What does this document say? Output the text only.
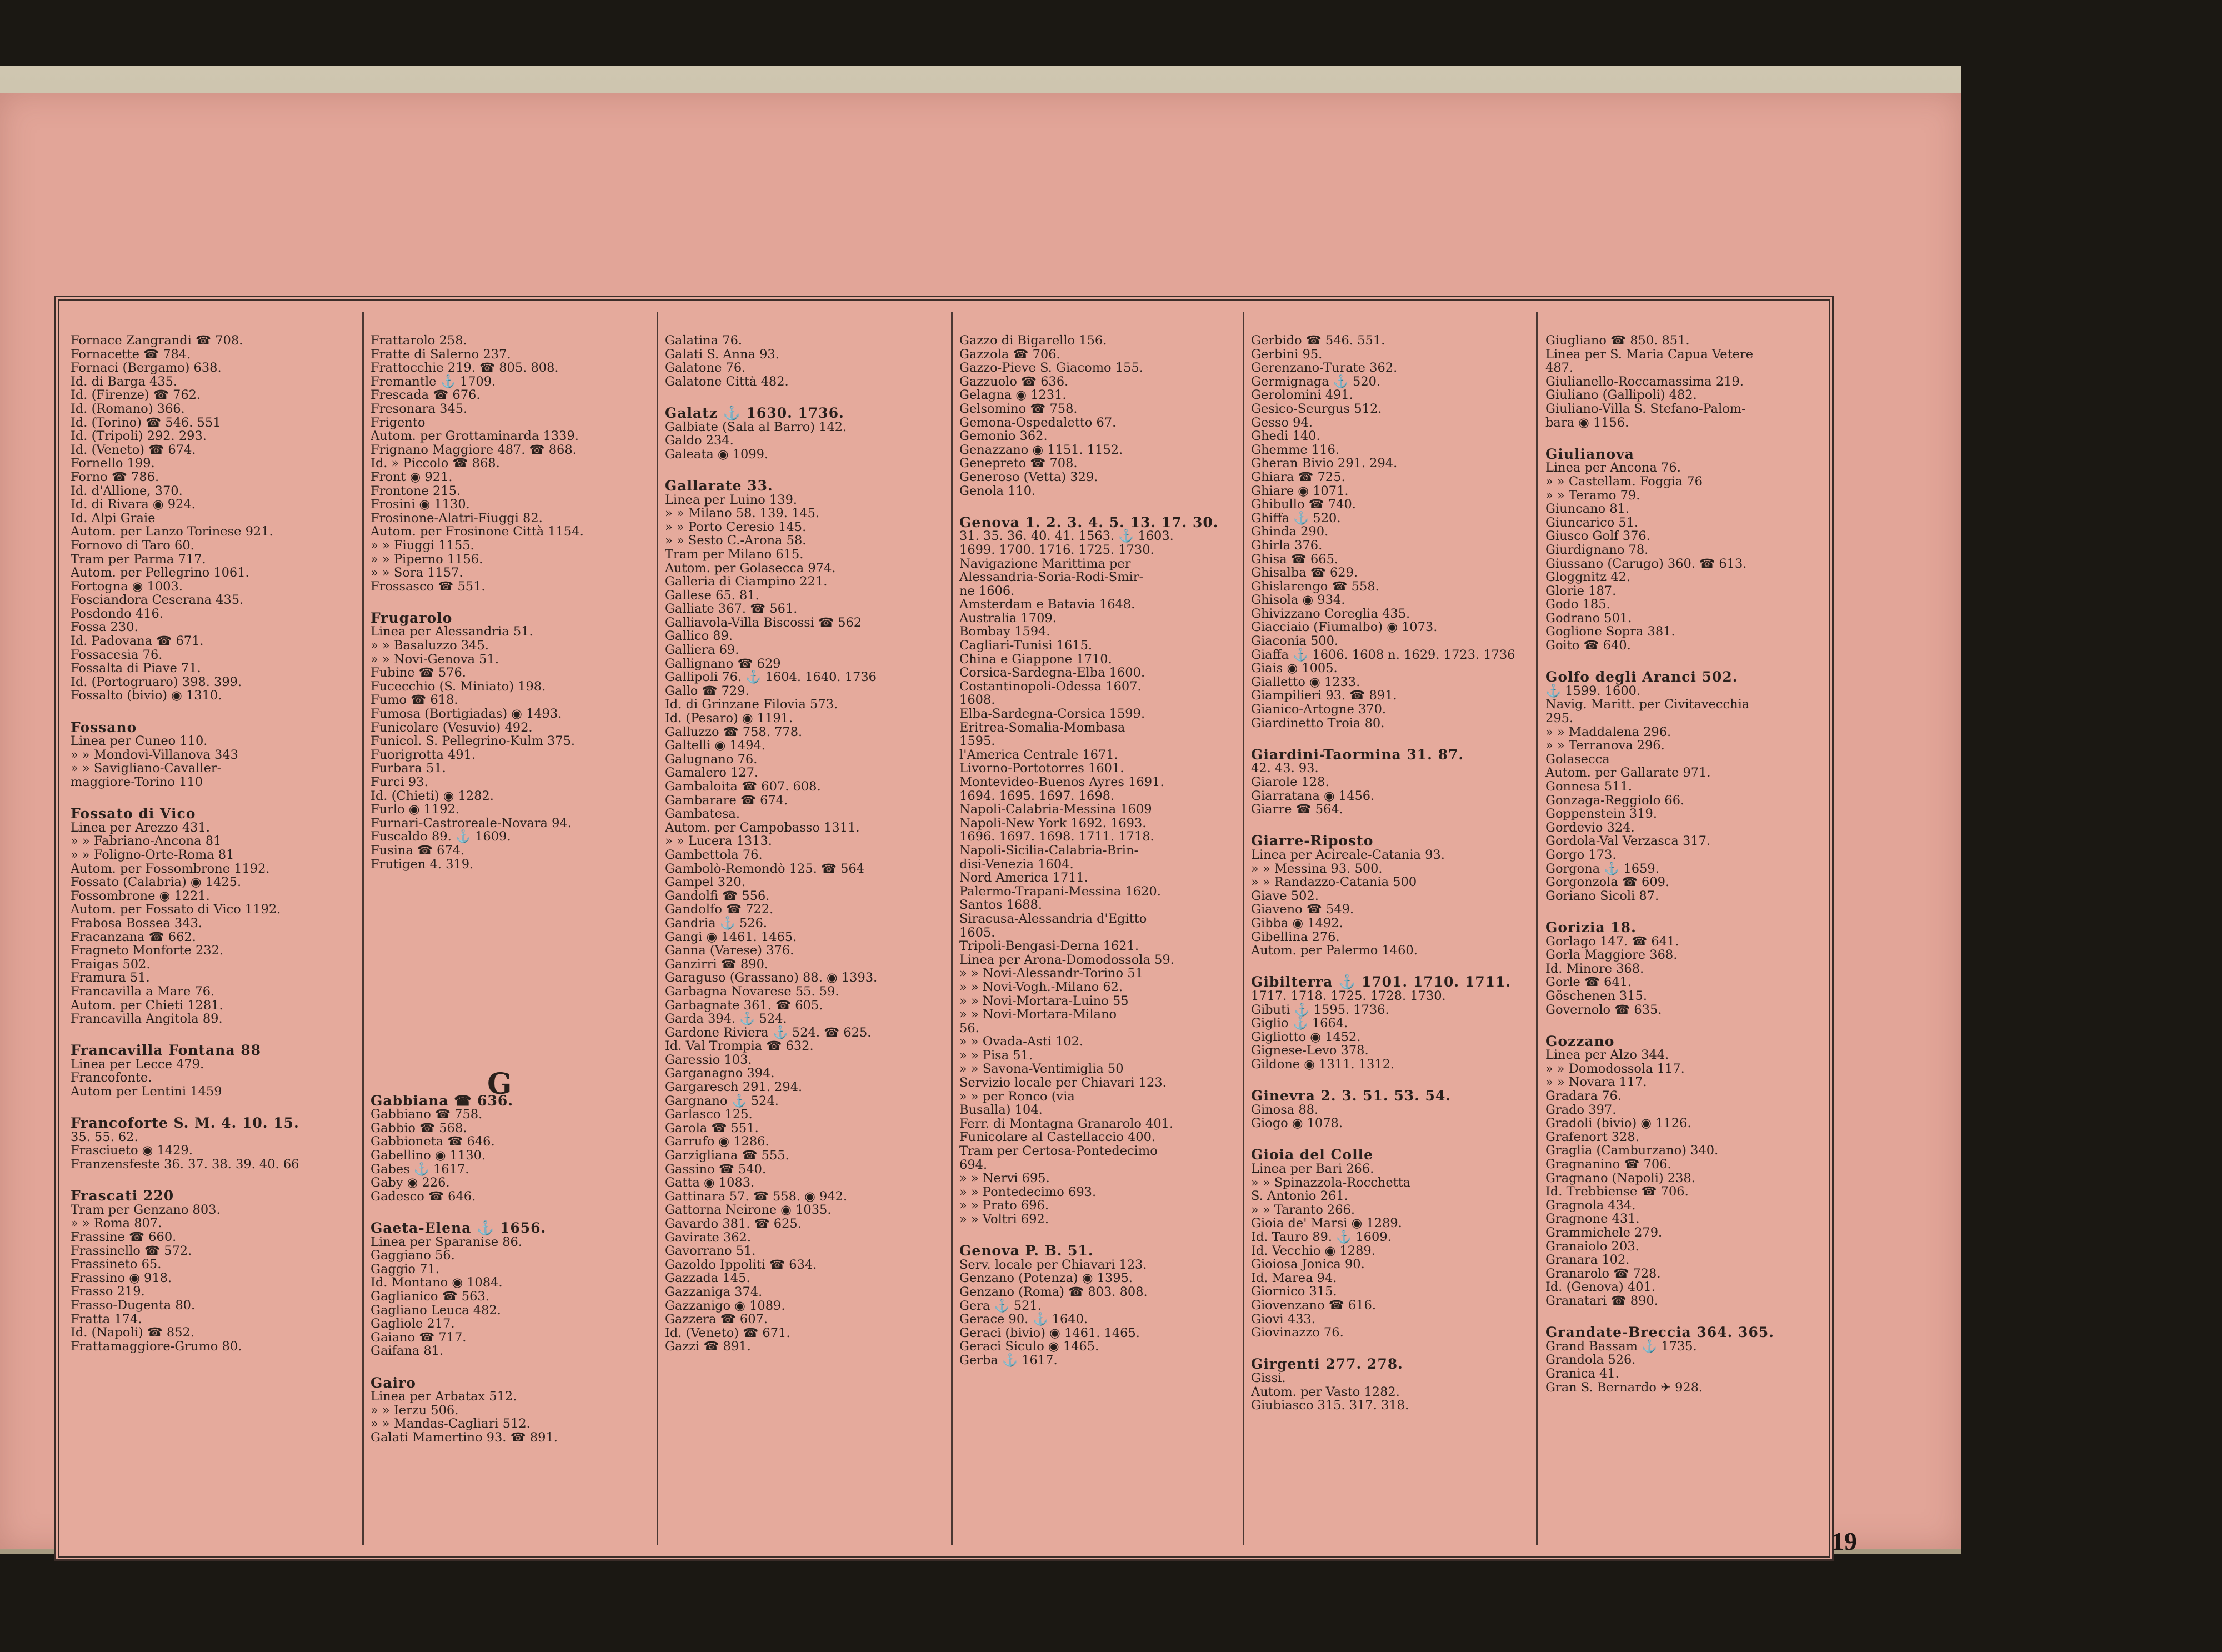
Fornace Zangrandi ☎ 708.
Fornacette ☎ 784.
Fornaci (Bergamo) 638.
Id. di Barga 435.
Id. (Firenze) ☎ 762.
Id. (Romano) 366.
Id. (Torino) ☎ 546. 551
Id. (Tripoli) 292. 293.
Id. (Veneto) ☎ 674.
Fornello 199.
Forno ☎ 786.
Id. d'Allione, 370.
Id. di Rivara ◉ 924.
Id. Alpi Graie
Autom. per Lanzo Torinese 921.
Fornovo di Taro 60.
Tram per Parma 717.
Autom. per Pellegrino 1061.
Fortogna ◉ 1003.
Fosciandora Ceserana 435.
Posdondo 416.
Fossa 230.
Id. Padovana ☎ 671.
Fossacesia 76.
Fossalta di Piave 71.
Id. (Portogruaro) 398. 399.
Fossalto (bivio) ◉ 1310.

Fossano
Linea per Cuneo 110.
» » Mondovì-Villanova 343
» » Savigliano-Cavaller-
maggiore-Torino 110

Fossato di Vico
Linea per Arezzo 431.
» » Fabriano-Ancona 81
» » Foligno-Orte-Roma 81
Autom. per Fossombrone 1192.
Fossato (Calabria) ◉ 1425.
Fossombrone ◉ 1221.
Autom. per Fossato di Vico 1192.
Frabosa Bossea 343.
Fracanzana ☎ 662.
Fragneto Monforte 232.
Fraigas 502.
Framura 51.
Francavilla a Mare 76.
Autom. per Chieti 1281.
Francavilla Angitola 89.

Francavilla Fontana 88
Linea per Lecce 479.
Francofonte.
Autom per Lentini 1459

Francoforte S. M. 4. 10. 15.
35. 55. 62.
Frasciueto ◉ 1429.
Franzensfeste 36. 37. 38. 39. 40. 66

Frascati 220
Tram per Genzano 803.
» » Roma 807.
Frassine ☎ 660.
Frassinello ☎ 572.
Frassineto 65.
Frassino ◉ 918.
Frasso 219.
Frasso-Dugenta 80.
Fratta 174.
Id. (Napoli) ☎ 852.
Frattamaggiore-Grumo 80.
Frattarolo 258.
Fratte di Salerno 237.
Frattocchie 219. ☎ 805. 808.
Fremantle ⚓ 1709.
Frescada ☎ 676.
Fresonara 345.
Frigento
Autom. per Grottaminarda 1339.
Frignano Maggiore 487. ☎ 868.
Id. » Piccolo ☎ 868.
Front ◉ 921.
Frontone 215.
Frosini ◉ 1130.
Frosinone-Alatri-Fiuggi 82.
Autom. per Frosinone Città 1154.
» » Fiuggi 1155.
» » Piperno 1156.
» » Sora 1157.
Frossasco ☎ 551.

Frugarolo
Linea per Alessandria 51.
» » Basaluzzo 345.
» » Novi-Genova 51.
Fubine ☎ 576.
Fucecchio (S. Miniato) 198.
Fumo ☎ 618.
Fumosa (Bortigiadas) ◉ 1493.
Funicolare (Vesuvio) 492.
Funicol. S. Pellegrino-Kulm 375.
Fuorigrotta 491.
Furbara 51.
Furci 93.
Id. (Chieti) ◉ 1282.
Furlo ◉ 1192.
Furnari-Castroreale-Novara 94.
Fuscaldo 89. ⚓ 1609.
Fusina ☎ 674.
Frutigen 4. 319.

Gabbiana ☎ 636.
Gabbiano ☎ 758.
Gabbio ☎ 568.
Gabbioneta ☎ 646.
Gabellino ◉ 1130.
Gabes ⚓ 1617.
Gaby ◉ 226.
Gadesco ☎ 646.

Gaeta-Elena ⚓ 1656.
Linea per Sparanise 86.
Gaggiano 56.
Gaggio 71.
Id. Montano ◉ 1084.
Gaglianico ☎ 563.
Gagliano Leuca 482.
Gagliole 217.
Gaiano ☎ 717.
Gaifana 81.

Gairo
Linea per Arbatax 512.
» » Ierzu 506.
» » Mandas-Cagliari 512.
Galati Mamertino 93. ☎ 891.
Galatina 76.
Galati S. Anna 93.
Galatone 76.
Galatone Città 482.

Galatz ⚓ 1630. 1736.
Galbiate (Sala al Barro) 142.
Galdo 234.
Galeata ◉ 1099.

Gallarate 33.
Linea per Luino 139.
» » Milano 58. 139. 145.
» » Porto Ceresio 145.
» » Sesto C.-Arona 58.
Tram per Milano 615.
Autom. per Golasecca 974.
Galleria di Ciampino 221.
Gallese 65. 81.
Galliate 367. ☎ 561.
Galliavola-Villa Biscossi ☎ 562
Gallico 89.
Galliera 69.
Gallignano ☎ 629
Gallipoli 76. ⚓ 1604. 1640. 1736
Gallo ☎ 729.
Id. di Grinzane Filovia 573.
Id. (Pesaro) ◉ 1191.
Galluzzo ☎ 758. 778.
Galtelli ◉ 1494.
Galugnano 76.
Gamalero 127.
Gambaloita ☎ 607. 608.
Gambarare ☎ 674.
Gambatesa.
Autom. per Campobasso 1311.
» » Lucera 1313.
Gambettola 76.
Gambolò-Remondò 125. ☎ 564
Gampel 320.
Gandolfi ☎ 556.
Gandolfo ☎ 722.
Gandria ⚓ 526.
Gangi ◉ 1461. 1465.
Ganna (Varese) 376.
Ganzirri ☎ 890.
Garaguso (Grassano) 88. ◉ 1393.
Garbagna Novarese 55. 59.
Garbagnate 361. ☎ 605.
Garda 394. ⚓ 524.
Gardone Riviera ⚓ 524. ☎ 625.
Id. Val Trompia ☎ 632.
Garessio 103.
Garganagno 394.
Gargaresch 291. 294.
Gargnano ⚓ 524.
Garlasco 125.
Garola ☎ 551.
Garrufo ◉ 1286.
Garzigliana ☎ 555.
Gassino ☎ 540.
Gatta ◉ 1083.
Gattinara 57. ☎ 558. ◉ 942.
Gattorna Neirone ◉ 1035.
Gavardo 381. ☎ 625.
Gavirate 362.
Gavorrano 51.
Gazoldo Ippoliti ☎ 634.
Gazzada 145.
Gazzaniga 374.
Gazzanigo ◉ 1089.
Gazzera ☎ 607.
Id. (Veneto) ☎ 671.
Gazzi ☎ 891.
Gazzo di Bigarello 156.
Gazzola ☎ 706.
Gazzo-Pieve S. Giacomo 155.
Gazzuolo ☎ 636.
Gelagna ◉ 1231.
Gelsomino ☎ 758.
Gemona-Ospedaletto 67.
Gemonio 362.
Genazzano ◉ 1151. 1152.
Genepreto ☎ 708.
Generoso (Vetta) 329.
Genola 110.

Genova 1. 2. 3. 4. 5. 13. 17. 30.
31. 35. 36. 40. 41. 1563. ⚓ 1603.
1699. 1700. 1716. 1725. 1730.
Navigazione Marittima per
Alessandria-Soria-Rodi-Smir-
ne 1606.
Amsterdam e Batavia 1648.
Australia 1709.
Bombay 1594.
Cagliari-Tunisi 1615.
China e Giappone 1710.
Corsica-Sardegna-Elba 1600.
Costantinopoli-Odessa 1607.
1608.
Elba-Sardegna-Corsica 1599.
Eritrea-Somalia-Mombasa
1595.
l'America Centrale 1671.
Livorno-Portotorres 1601.
Montevideo-Buenos Ayres 1691.
1694. 1695. 1697. 1698.
Napoli-Calabria-Messina 1609
Napoli-New York 1692. 1693.
1696. 1697. 1698. 1711. 1718.
Napoli-Sicilia-Calabria-Brin-
disi-Venezia 1604.
Nord America 1711.
Palermo-Trapani-Messina 1620.
Santos 1688.
Siracusa-Alessandria d'Egitto
1605.
Tripoli-Bengasi-Derna 1621.
Linea per Arona-Domodossola 59.
» » Novi-Alessandr-Torino 51
» » Novi-Vogh.-Milano 62.
» » Novi-Mortara-Luino 55
» » Novi-Mortara-Milano
56.
» » Ovada-Asti 102.
» » Pisa 51.
» » Savona-Ventimiglia 50
Servizio locale per Chiavari 123.
» » per Ronco (via
Busalla) 104.
Ferr. di Montagna Granarolo 401.
Funicolare al Castellaccio 400.
Tram per Certosa-Pontedecimo
694.
» » Nervi 695.
» » Pontedecimo 693.
» » Prato 696.
» » Voltri 692.

Genova P. B. 51.
Serv. locale per Chiavari 123.
Genzano (Potenza) ◉ 1395.
Genzano (Roma) ☎ 803. 808.
Gera ⚓ 521.
Gerace 90. ⚓ 1640.
Geraci (bivio) ◉ 1461. 1465.
Geraci Siculo ◉ 1465.
Gerba ⚓ 1617.
Gerbido ☎ 546. 551.
Gerbini 95.
Gerenzano-Turate 362.
Germignaga ⚓ 520.
Gerolomini 491.
Gesico-Seurgus 512.
Gesso 94.
Ghedi 140.
Ghemme 116.
Gheran Bivio 291. 294.
Ghiara ☎ 725.
Ghiare ◉ 1071.
Ghibullo ☎ 740.
Ghiffa ⚓ 520.
Ghinda 290.
Ghirla 376.
Ghisa ☎ 665.
Ghisalba ☎ 629.
Ghislarengo ☎ 558.
Ghisola ◉ 934.
Ghivizzano Coreglia 435.
Giacciaio (Fiumalbo) ◉ 1073.
Giaconia 500.
Giaffa ⚓ 1606. 1608 n. 1629. 1723. 1736
Giais ◉ 1005.
Gialletto ◉ 1233.
Giampilieri 93. ☎ 891.
Gianico-Artogne 370.
Giardinetto Troia 80.

Giardini-Taormina 31. 87.
42. 43. 93.
Giarole 128.
Giarratana ◉ 1456.
Giarre ☎ 564.

Giarre-Riposto
Linea per Acireale-Catania 93.
» » Messina 93. 500.
» » Randazzo-Catania 500
Giave 502.
Giaveno ☎ 549.
Gibba ◉ 1492.
Gibellina 276.
Autom. per Palermo 1460.

Gibilterra ⚓ 1701. 1710. 1711.
1717. 1718. 1725. 1728. 1730.
Gibuti ⚓ 1595. 1736.
Giglio ⚓ 1664.
Gigliotto ◉ 1452.
Gignese-Levo 378.
Gildone ◉ 1311. 1312.

Ginevra 2. 3. 51. 53. 54.
Ginosa 88.
Giogo ◉ 1078.

Gioia del Colle
Linea per Bari 266.
» » Spinazzola-Rocchetta
S. Antonio 261.
» » Taranto 266.
Gioia de' Marsi ◉ 1289.
Id. Tauro 89. ⚓ 1609.
Id. Vecchio ◉ 1289.
Gioiosa Jonica 90.
Id. Marea 94.
Giornico 315.
Giovenzano ☎ 616.
Giovi 433.
Giovinazzo 76.

Girgenti 277. 278.
Gissi.
Autom. per Vasto 1282.
Giubiasco 315. 317. 318.
Giugliano ☎ 850. 851.
Linea per S. Maria Capua Vetere
487.
Giulianello-Roccamassima 219.
Giuliano (Gallipoli) 482.
Giuliano-Villa S. Stefano-Palom-
bara ◉ 1156.

Giulianova
Linea per Ancona 76.
» » Castellam. Foggia 76
» » Teramo 79.
Giuncano 81.
Giuncarico 51.
Giusco Golf 376.
Giurdignano 78.
Giussano (Carugo) 360. ☎ 613.
Gloggnitz 42.
Glorie 187.
Godo 185.
Godrano 501.
Goglione Sopra 381.
Goito ☎ 640.

Golfo degli Aranci 502.
⚓ 1599. 1600.
Navig. Maritt. per Civitavecchia
295.
» » Maddalena 296.
» » Terranova 296.
Golasecca
Autom. per Gallarate 971.
Gonnesa 511.
Gonzaga-Reggiolo 66.
Goppenstein 319.
Gordevio 324.
Gordola-Val Verzasca 317.
Gorgo 173.
Gorgona ⚓ 1659.
Gorgonzola ☎ 609.
Goriano Sicoli 87.

Gorizia 18.
Gorlago 147. ☎ 641.
Gorla Maggiore 368.
Id. Minore 368.
Gorle ☎ 641.
Göschenen 315.
Governolo ☎ 635.

Gozzano
Linea per Alzo 344.
» » Domodossola 117.
» » Novara 117.
Gradara 76.
Grado 397.
Gradoli (bivio) ◉ 1126.
Grafenort 328.
Graglia (Camburzano) 340.
Gragnanino ☎ 706.
Gragnano (Napoli) 238.
Id. Trebbiense ☎ 706.
Gragnola 434.
Gragnone 431.
Grammichele 279.
Granaiolo 203.
Granara 102.
Granarolo ☎ 728.
Id. (Genova) 401.
Granatari ☎ 890.

Grandate-Breccia 364. 365.
Grand Bassam ⚓ 1735.
Grandola 526.
Granica 41.
Gran S. Bernardo ✈ 928.
G
19
